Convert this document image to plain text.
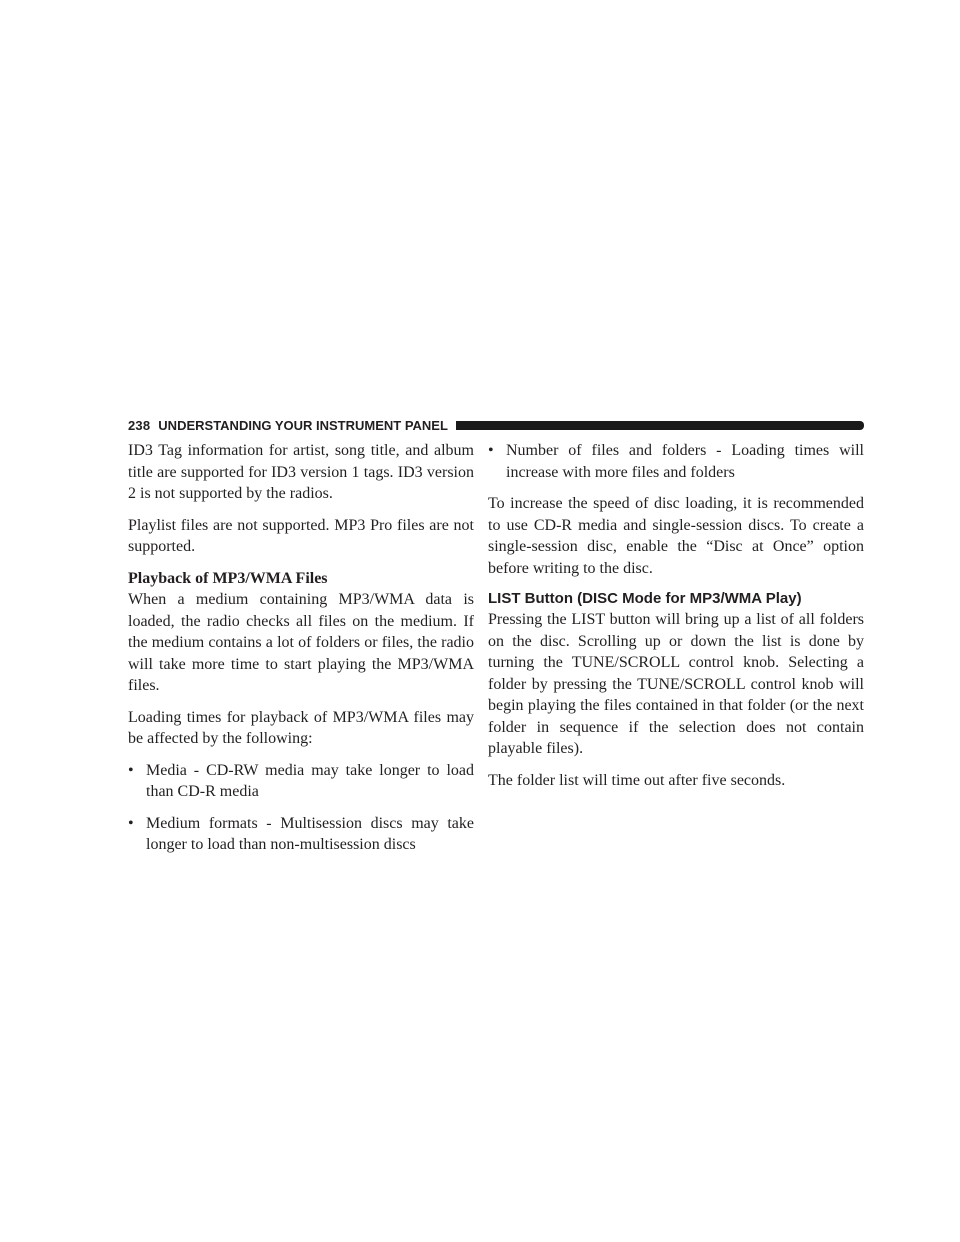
238 UNDERSTANDING YOUR INSTRUMENT PANEL

ID3 Tag information for artist, song title, and album title are supported for ID3 version 1 tags. ID3 version 2 is not supported by the radios.

Playlist files are not supported. MP3 Pro files are not supported.

Playback of MP3/WMA Files

When a medium containing MP3/WMA data is loaded, the radio checks all files on the medium. If the medium contains a lot of folders or files, the radio will take more time to start playing the MP3/WMA files.

Loading times for playback of MP3/WMA files may be affected by the following:

• Media - CD-RW media may take longer to load than CD-R media
• Medium formats - Multisession discs may take longer to load than non-multisession discs
• Number of files and folders - Loading times will increase with more files and folders

To increase the speed of disc loading, it is recommended to use CD-R media and single-session discs. To create a single-session disc, enable the “Disc at Once” option before writing to the disc.

LIST Button (DISC Mode for MP3/WMA Play)

Pressing the LIST button will bring up a list of all folders on the disc. Scrolling up or down the list is done by turning the TUNE/SCROLL control knob. Selecting a folder by pressing the TUNE/SCROLL control knob will begin playing the files contained in that folder (or the next folder in sequence if the selection does not contain playable files).

The folder list will time out after five seconds.
